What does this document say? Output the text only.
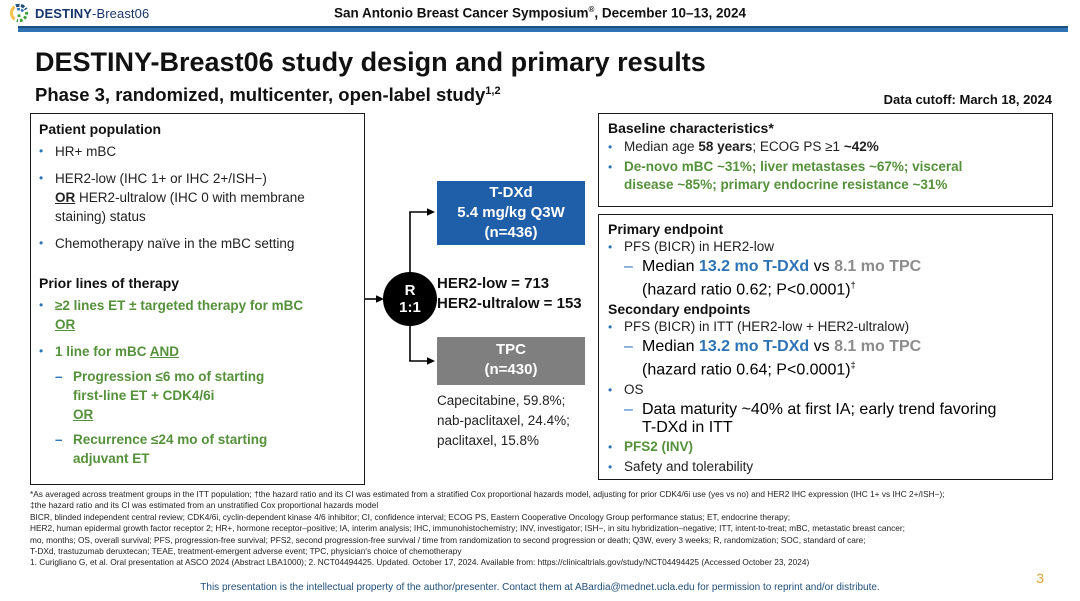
DESTINY-Breast06	San Antonio Breast Cancer Symposium®, December 10–13, 2024
DESTINY-Breast06 study design and primary results
Phase 3, randomized, multicenter, open-label study$^{1,2}$
Data cutoff: March 18, 2024
Patient population
• HR+ mBC
• HER2-low (IHC 1+ or IHC 2+/ISH−)
OR HER2-ultralow (IHC 0 with membrane
staining) status
• Chemotherapy naïve in the mBC setting
Prior lines of therapy
• ≥2 lines ET ± targeted therapy for mBC
OR
• 1 line for mBC AND
– Progression ≤6 mo of starting
first-line ET + CDK4/6i
OR
– Recurrence ≤24 mo of starting
adjuvant ET
R
1:1
T-DXd
5.4 mg/kg Q3W
(n=436)
HER2-low = 713
HER2-ultralow = 153
TPC
(n=430)
Capecitabine, 59.8%;
nab-paclitaxel, 24.4%;
paclitaxel, 15.8%
Baseline characteristics*
• Median age 58 years; ECOG PS ≥1 ~42%
• De-novo mBC ~31%; liver metastases ~67%; visceral
disease ~85%; primary endocrine resistance ~31%
Primary endpoint
• PFS (BICR) in HER2-low
– Median 13.2 mo T-DXd vs 8.1 mo TPC
(hazard ratio 0.62; P<0.0001)†
Secondary endpoints
• PFS (BICR) in ITT (HER2-low + HER2-ultralow)
– Median 13.2 mo T-DXd vs 8.1 mo TPC
(hazard ratio 0.64; P<0.0001)‡
• OS
– Data maturity ~40% at first IA; early trend favoring
T-DXd in ITT
• PFS2 (INV)
• Safety and tolerability
*As averaged across treatment groups in the ITT population; †the hazard ratio and its CI was estimated from a stratified Cox proportional hazards model, adjusting for prior CDK4/6i use (yes vs no) and HER2 IHC expression (IHC 1+ vs IHC 2+/ISH−);
‡the hazard ratio and its CI was estimated from an unstratified Cox proportional hazards model
BICR, blinded independent central review; CDK4/6i, cyclin-dependent kinase 4/6 inhibitor; CI, confidence interval; ECOG PS, Eastern Cooperative Oncology Group performance status; ET, endocrine therapy;
HER2, human epidermal growth factor receptor 2; HR+, hormone receptor–positive; IA, interim analysis; IHC, immunohistochemistry; INV, investigator; ISH−, in situ hybridization–negative; ITT, intent-to-treat; mBC, metastatic breast cancer;
mo, months; OS, overall survival; PFS, progression-free survival; PFS2, second progression-free survival / time from randomization to second progression or death; Q3W, every 3 weeks; R, randomization; SOC, standard of care;
T-DXd, trastuzumab deruxtecan; TEAE, treatment-emergent adverse event; TPC, physician's choice of chemotherapy
1. Curigliano G, et al. Oral presentation at ASCO 2024 (Abstract LBA1000); 2. NCT04494425. Updated. October 17, 2024. Available from: https://clinicaltrials.gov/study/NCT04494425 (Accessed October 23, 2024)
This presentation is the intellectual property of the author/presenter. Contact them at ABardia@mednet.ucla.edu for permission to reprint and/or distribute.
3
